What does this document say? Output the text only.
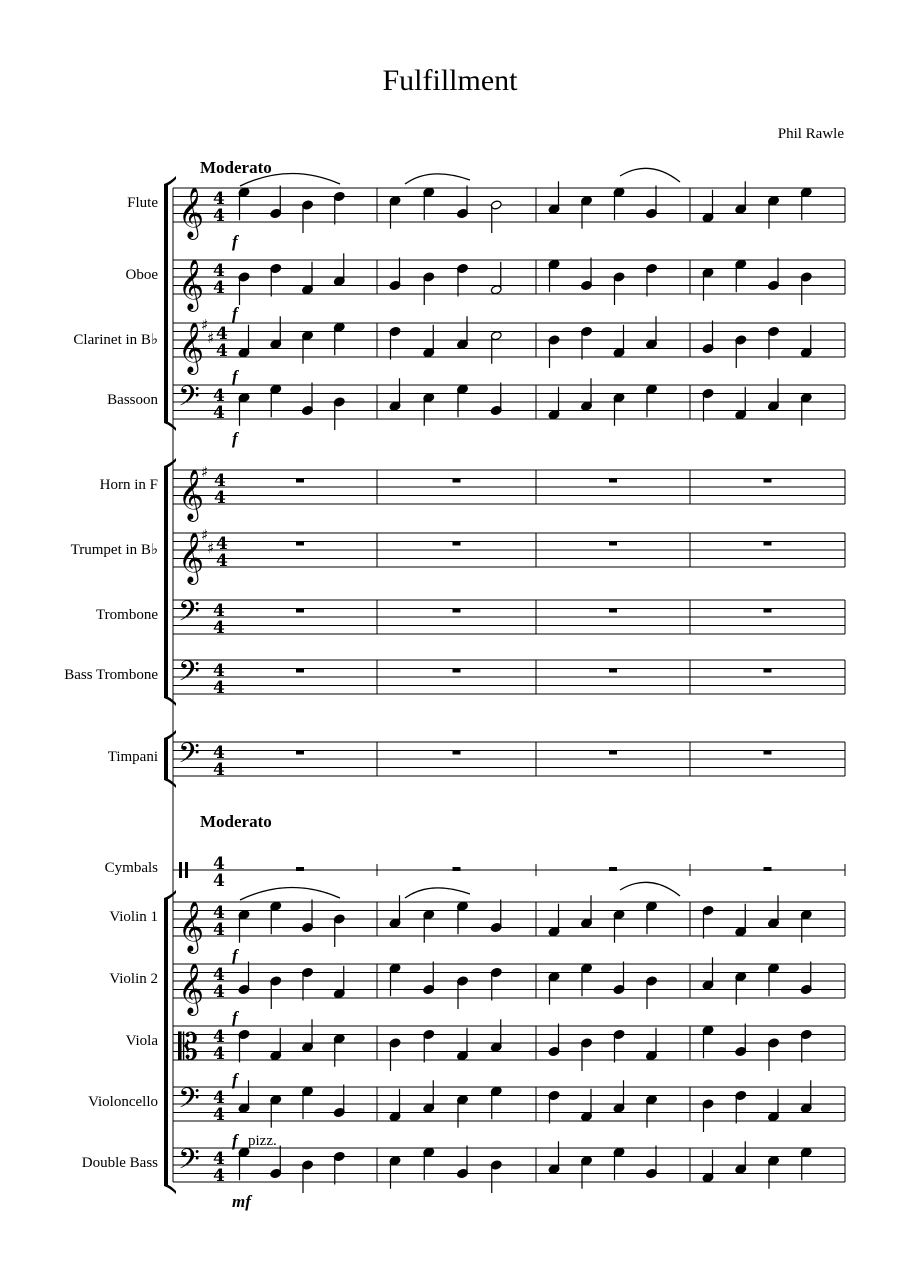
Fulfillment
Phil Rawle
Moderato
Moderato
Flute
f
Oboe
f
Clarinet in B♭
f
Bassoon
f
Horn in F
Trumpet in B♭
Trombone
Bass Trombone
Timpani
Cymbals
Violin 1
f
Violin 2
f
Viola
f
Violoncello
f pizz.
Double Bass
mf
𝄞 4
4
𝄞 4
4
𝄞
♯
♯ 4
4
𝄢 4
4
𝄞
♯ 4
4
𝄞
♯
♯ 4
4
𝄢 4
4
𝄢 4
4
𝄢 4
4
4
4
𝄞 4
4
𝄞 4
4
𝄡 4
4
𝄢 4
4
𝄢 4
4
